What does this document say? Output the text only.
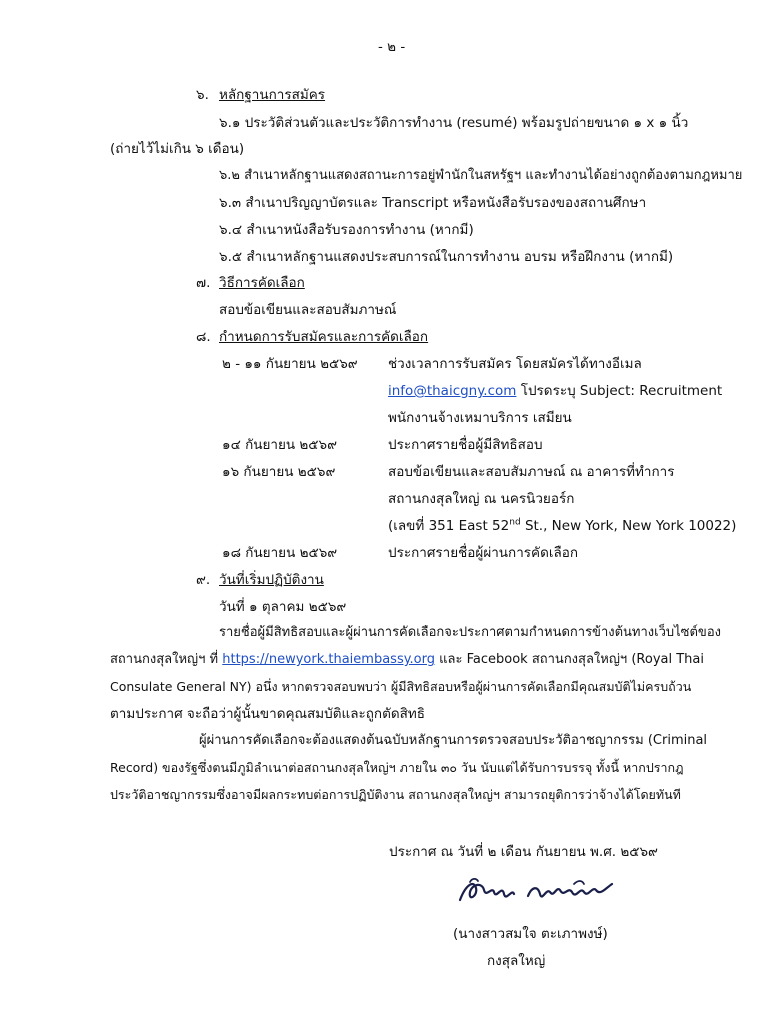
- ๒ -
๖. หลักฐานการสมัคร
๖.๑ ประวัติส่วนตัวและประวัติการทำงาน (resumé) พร้อมรูปถ่ายขนาด ๑ x ๑ นิ้ว
(ถ่ายไว้ไม่เกิน ๖ เดือน)
๖.๒ สำเนาหลักฐานแสดงสถานะการอยู่พำนักในสหรัฐฯ และทำงานได้อย่างถูกต้องตามกฎหมาย
๖.๓ สำเนาปริญญาบัตรและ Transcript หรือหนังสือรับรองของสถานศึกษา
๖.๔ สำเนาหนังสือรับรองการทำงาน (หากมี)
๖.๕ สำเนาหลักฐานแสดงประสบการณ์ในการทำงาน อบรม หรือฝึกงาน (หากมี)
๗. วิธีการคัดเลือก
สอบข้อเขียนและสอบสัมภาษณ์
๘. กำหนดการรับสมัครและการคัดเลือก
๒ - ๑๑ กันยายน ๒๕๖๙ ช่วงเวลาการรับสมัคร โดยสมัครได้ทางอีเมล
info@thaicgny.com โปรดระบุ Subject: Recruitment
พนักงานจ้างเหมาบริการ เสมียน
๑๔ กันยายน ๒๕๖๙	ประกาศรายชื่อผู้มีสิทธิสอบ
๑๖ กันยายน ๒๕๖๙	สอบข้อเขียนและสอบสัมภาษณ์ ณ อาคารที่ทำการ
สถานกงสุลใหญ่ ณ นครนิวยอร์ก
(เลขที่ 351 East 52nd St., New York, New York 10022)
๑๘ กันยายน ๒๕๖๙	ประกาศรายชื่อผู้ผ่านการคัดเลือก
๙. วันที่เริ่มปฏิบัติงาน
วันที่ ๑ ตุลาคม ๒๕๖๙
รายชื่อผู้มีสิทธิสอบและผู้ผ่านการคัดเลือกจะประกาศตามกำหนดการข้างต้นทางเว็บไซต์ของ
สถานกงสุลใหญ่ฯ ที่ https://newyork.thaiembassy.org และ Facebook สถานกงสุลใหญ่ฯ (Royal Thai
Consulate General NY) อนึ่ง หากตรวจสอบพบว่า ผู้มีสิทธิสอบหรือผู้ผ่านการคัดเลือกมีคุณสมบัติไม่ครบถ้วน
ตามประกาศ จะถือว่าผู้นั้นขาดคุณสมบัติและถูกตัดสิทธิ
ผู้ผ่านการคัดเลือกจะต้องแสดงต้นฉบับหลักฐานการตรวจสอบประวัติอาชญากรรม (Criminal
Record) ของรัฐซึ่งตนมีภูมิลำเนาต่อสถานกงสุลใหญ่ฯ ภายใน ๓๐ วัน นับแต่ได้รับการบรรจุ ทั้งนี้ หากปรากฎ
ประวัติอาชญากรรมซึ่งอาจมีผลกระทบต่อการปฏิบัติงาน สถานกงสุลใหญ่ฯ สามารถยุติการว่าจ้างได้โดยทันที
ประกาศ ณ วันที่ ๒ เดือน กันยายน พ.ศ. ๒๕๖๙
(นางสาวสมใจ ตะเภาพงษ์)
กงสุลใหญ่
